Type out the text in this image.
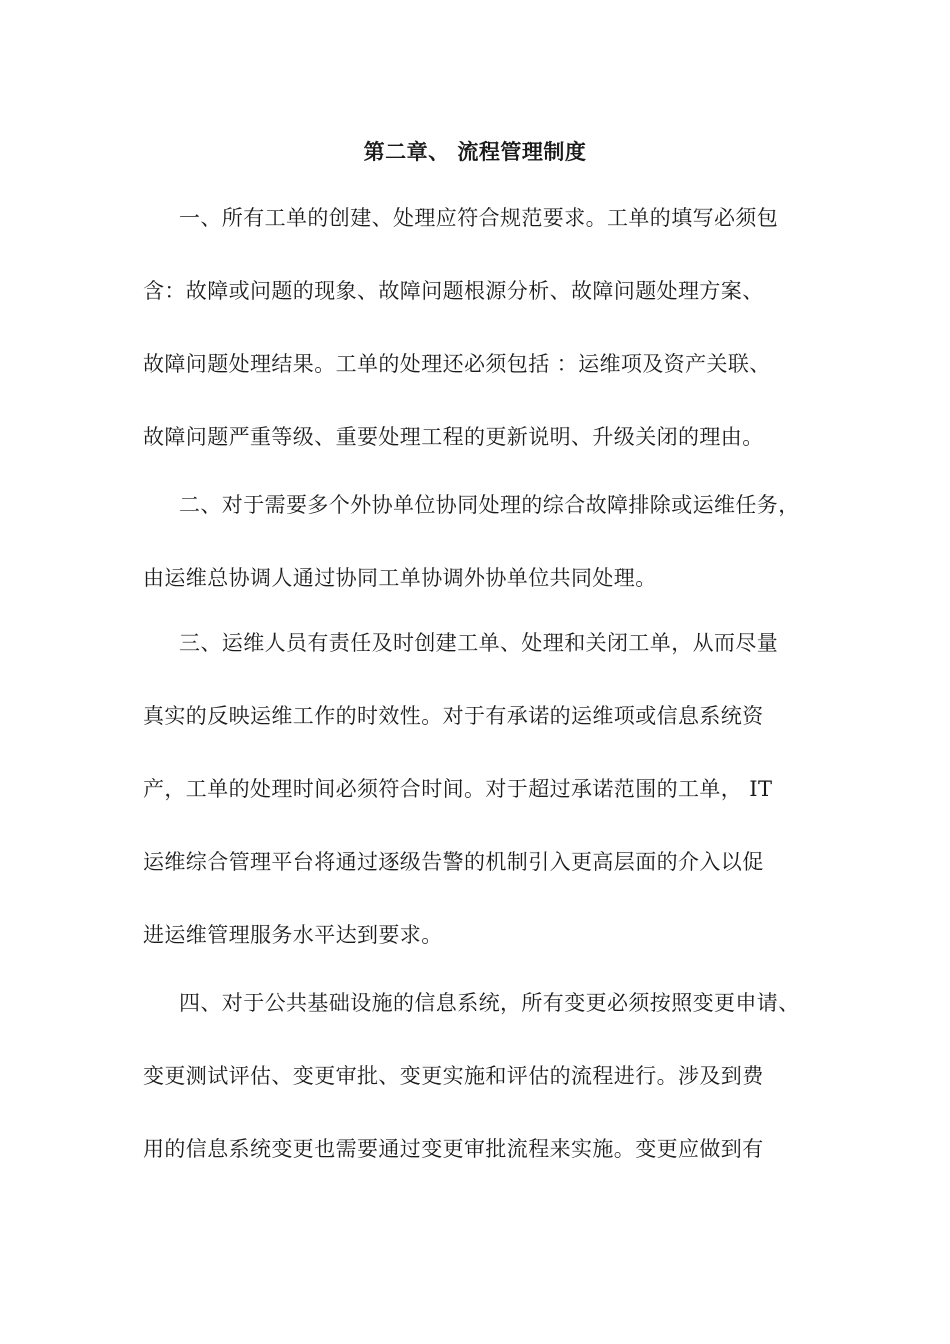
第二章、 流程管理制度
一、所有工单的创建、处理应符合规范要求。工单的填写必须包
含：故障或问题的现象、故障问题根源分析、故障问题处理方案、
故障问题处理结果。工单的处理还必须包括 ：运维项及资产关联、
故障问题严重等级、重要处理工程的更新说明、升级关闭的理由。
二、对于需要多个外协单位协同处理的综合故障排除或运维任务，
由运维总协调人通过协同工单协调外协单位共同处理。
三、运维人员有责任及时创建工单、处理和关闭工单，从而尽量
真实的反映运维工作的时效性。对于有承诺的运维项或信息系统资
产，工单的处理时间必须符合时间。对于超过承诺范围的工单， IT
运维综合管理平台将通过逐级告警的机制引入更高层面的介入以促
进运维管理服务水平达到要求。
四、对于公共基础设施的信息系统，所有变更必须按照变更申请、
变更测试评估、变更审批、变更实施和评估的流程进行。涉及到费
用的信息系统变更也需要通过变更审批流程来实施。变更应做到有
